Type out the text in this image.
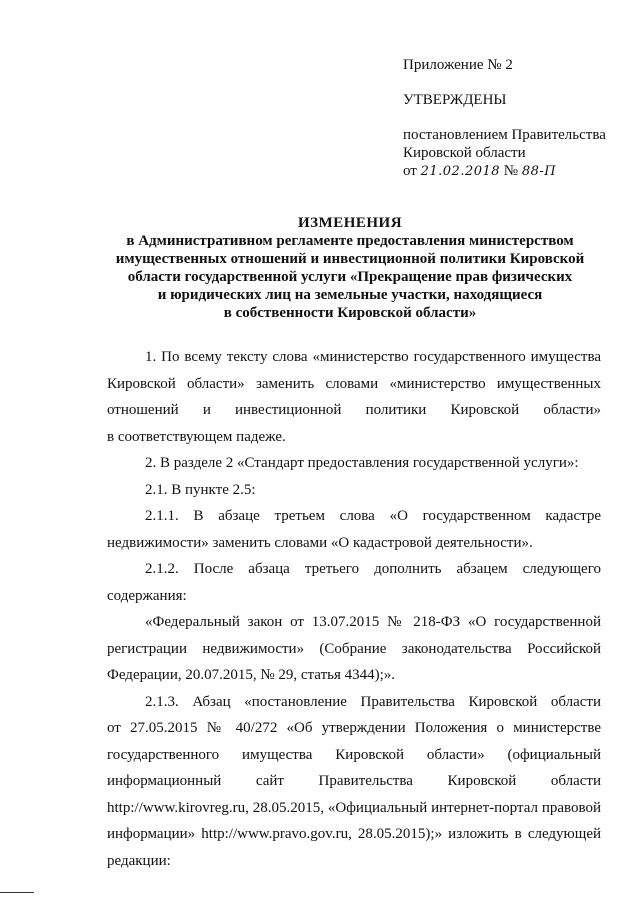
Приложение № 2
УТВЕРЖДЕНЫ
постановлением Правительства
Кировской области
от 21.02.2018 № 88-П
ИЗМЕНЕНИЯ
в Административном регламенте предоставления министерством
имущественных отношений и инвестиционной политики Кировской
области государственной услуги «Прекращение прав физических
и юридических лиц на земельные участки, находящиеся
в собственности Кировской области»
1. По всему тексту слова «министерство государственного имущества
Кировской области» заменить словами «министерство имущественных
отношений и инвестиционной политики Кировской области»
в соответствующем падеже.
2. В разделе 2 «Стандарт предоставления государственной услуги»:
2.1. В пункте 2.5:
2.1.1. В абзаце третьем слова «О государственном кадастре
недвижимости» заменить словами «О кадастровой деятельности».
2.1.2. После абзаца третьего дополнить абзацем следующего
содержания:
«Федеральный закон от 13.07.2015 № 218-ФЗ «О государственной
регистрации недвижимости» (Собрание законодательства Российской
Федерации, 20.07.2015, № 29, статья 4344);».
2.1.3. Абзац «постановление Правительства Кировской области
от 27.05.2015 № 40/272 «Об утверждении Положения о министерстве
государственного имущества Кировской области» (официальный
информационный сайт Правительства Кировской области
http://www.kirovreg.ru, 28.05.2015, «Официальный интернет-портал правовой
информации» http://www.pravo.gov.ru, 28.05.2015);» изложить в следующей
редакции:
